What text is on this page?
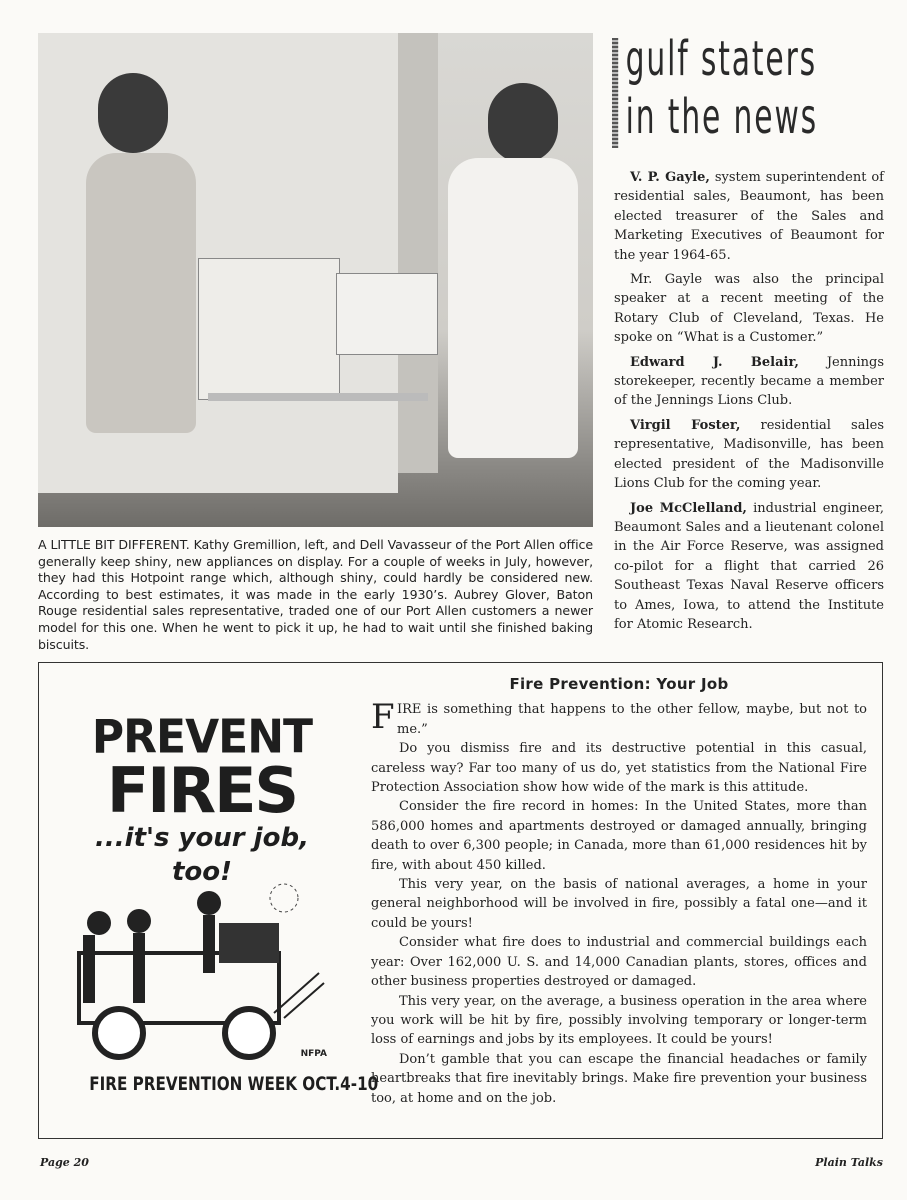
gulf staters
in the news

V. P. Gayle, system superintendent of residential sales, Beaumont, has been elected treasurer of the Sales and Marketing Executives of Beaumont for the year 1964-65.

Mr. Gayle was also the principal speaker at a recent meeting of the Rotary Club of Cleveland, Texas. He spoke on “What is a Customer.”

Edward J. Belair, Jennings storekeeper, recently became a member of the Jennings Lions Club.

Virgil Foster, residential sales representative, Madisonville, has been elected president of the Madisonville Lions Club for the coming year.

Joe McClelland, industrial engineer, Beaumont Sales and a lieutenant colonel in the Air Force Reserve, was assigned co-pilot for a flight that carried 26 Southeast Texas Naval Reserve officers to Ames, Iowa, to attend the Institute for Atomic Research.

A LITTLE BIT DIFFERENT. Kathy Gremillion, left, and Dell Vavasseur of the Port Allen office generally keep shiny, new appliances on display. For a couple of weeks in July, however, they had this Hotpoint range which, although shiny, could hardly be considered new. According to best estimates, it was made in the early 1930’s. Aubrey Glover, Baton Rouge residential sales representative, traded one of our Port Allen customers a newer model for this one. When he went to pick it up, he had to wait until she finished baking biscuits.
PREVENT
FIRES
...it's your job, too!
NFPA
FIRE PREVENTION WEEK OCT.4-10
Fire Prevention: Your Job

F IRE is something that happens to the other fellow, maybe, but not to me.”

Do you dismiss fire and its destructive potential in this casual, careless way? Far too many of us do, yet statistics from the National Fire Protection Association show how wide of the mark is this attitude.

Consider the fire record in homes: In the United States, more than 586,000 homes and apartments destroyed or damaged annually, bringing death to over 6,300 people; in Canada, more than 61,000 residences hit by fire, with about 450 killed.

This very year, on the basis of national averages, a home in your general neighborhood will be involved in fire, possibly a fatal one—and it could be yours!

Consider what fire does to industrial and commercial buildings each year: Over 162,000 U. S. and 14,000 Canadian plants, stores, offices and other business properties destroyed or damaged.

This very year, on the average, a business operation in the area where you work will be hit by fire, possibly involving temporary or longer-term loss of earnings and jobs by its employees. It could be yours!

Don’t gamble that you can escape the financial headaches or family heartbreaks that fire inevitably brings. Make fire prevention your business too, at home and on the job.

Page 20	Plain Talks
